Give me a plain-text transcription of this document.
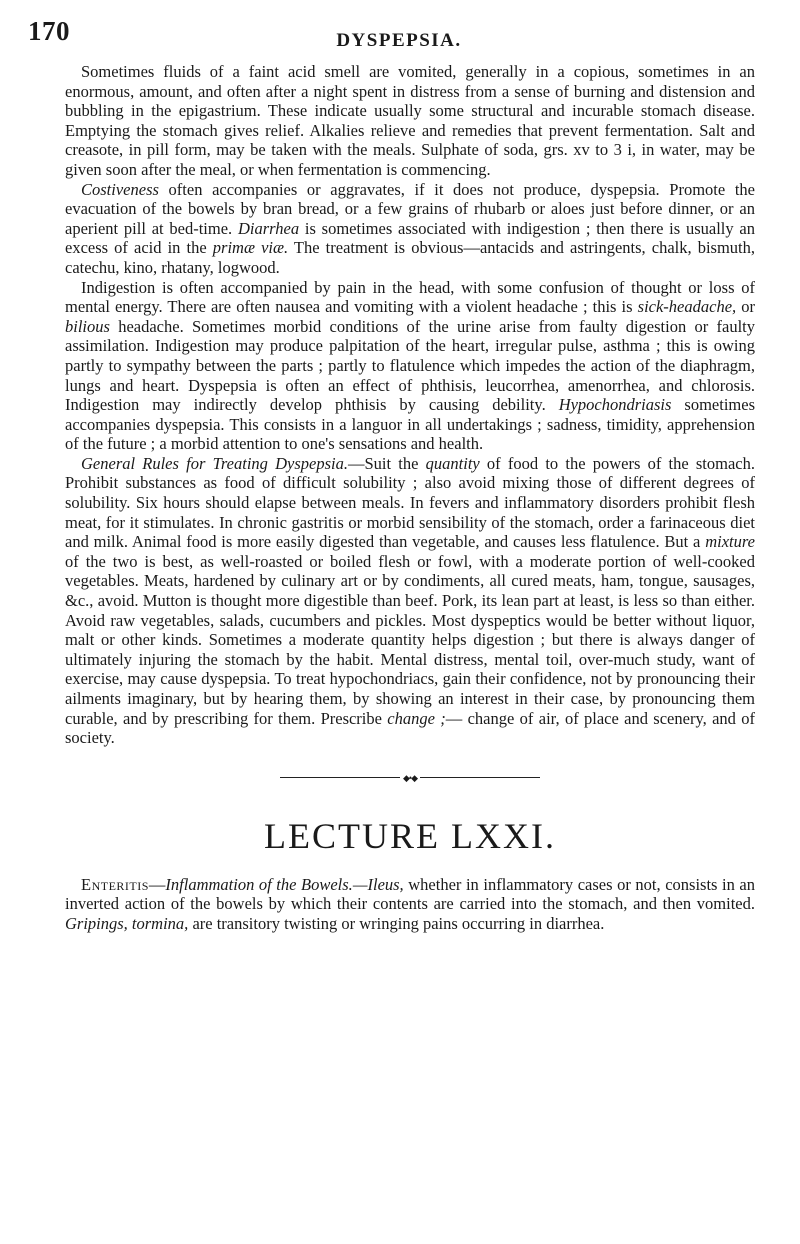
170	DYSPEPSIA.

Sometimes fluids of a faint acid smell are vomited, generally in a copious, sometimes in an enormous, amount, and often after a night spent in distress from a sense of burning and distension and bubbling in the epigastrium. These indicate usually some structural and incurable stomach disease. Emptying the stomach gives relief. Alkalies relieve and remedies that prevent fermentation. Salt and creasote, in pill form, may be taken with the meals. Sulphate of soda, grs. xv to 3 i, in water, may be given soon after the meal, or when fermentation is commencing.

Costiveness often accompanies or aggravates, if it does not produce, dyspepsia. Promote the evacuation of the bowels by bran bread, or a few grains of rhubarb or aloes just before dinner, or an aperient pill at bed-time. Diarrhea is sometimes associated with indigestion ; then there is usually an excess of acid in the primæ viæ. The treatment is obvious—antacids and astringents, chalk, bismuth, catechu, kino, rhatany, logwood.

Indigestion is often accompanied by pain in the head, with some confusion of thought or loss of mental energy. There are often nausea and vomiting with a violent headache ; this is sick-headache, or bilious headache. Sometimes morbid conditions of the urine arise from faulty digestion or faulty assimilation. Indigestion may produce palpitation of the heart, irregular pulse, asthma ; this is owing partly to sympathy between the parts ; partly to flatulence which impedes the action of the diaphragm, lungs and heart. Dyspepsia is often an effect of phthisis, leucorrhea, amenorrhea, and chlorosis. Indigestion may indirectly develop phthisis by causing debility. Hypochondriasis sometimes accompanies dyspepsia. This consists in a languor in all undertakings ; sadness, timidity, apprehension of the future ; a morbid attention to one's sensations and health.

General Rules for Treating Dyspepsia.—Suit the quantity of food to the powers of the stomach. Prohibit substances as food of difficult solubility ; also avoid mixing those of different degrees of solubility. Six hours should elapse between meals. In fevers and inflammatory disorders prohibit flesh meat, for it stimulates. In chronic gastritis or morbid sensibility of the stomach, order a farinaceous diet and milk. Animal food is more easily digested than vegetable, and causes less flatulence. But a mixture of the two is best, as well-roasted or boiled flesh or fowl, with a moderate portion of well-cooked vegetables. Meats, hardened by culinary art or by condiments, all cured meats, ham, tongue, sausages, &c., avoid. Mutton is thought more digestible than beef. Pork, its lean part at least, is less so than either. Avoid raw vegetables, salads, cucumbers and pickles. Most dyspeptics would be better without liquor, malt or other kinds. Sometimes a moderate quantity helps digestion ; but there is always danger of ultimately injuring the stomach by the habit. Mental distress, mental toil, over-much study, want of exercise, may cause dyspepsia. To treat hypochondriacs, gain their confidence, not by pronouncing their ailments imaginary, but by hearing them, by showing an interest in their case, by pronouncing them curable, and by prescribing for them. Prescribe change ;— change of air, of place and scenery, and of society.

◆•◆
LECTURE LXXI.

Enteritis—Inflammation of the Bowels.—Ileus, whether in inflammatory cases or not, consists in an inverted action of the bowels by which their contents are carried into the stomach, and then vomited. Gripings, tormina, are transitory twisting or wringing pains occurring in diarrhea.
